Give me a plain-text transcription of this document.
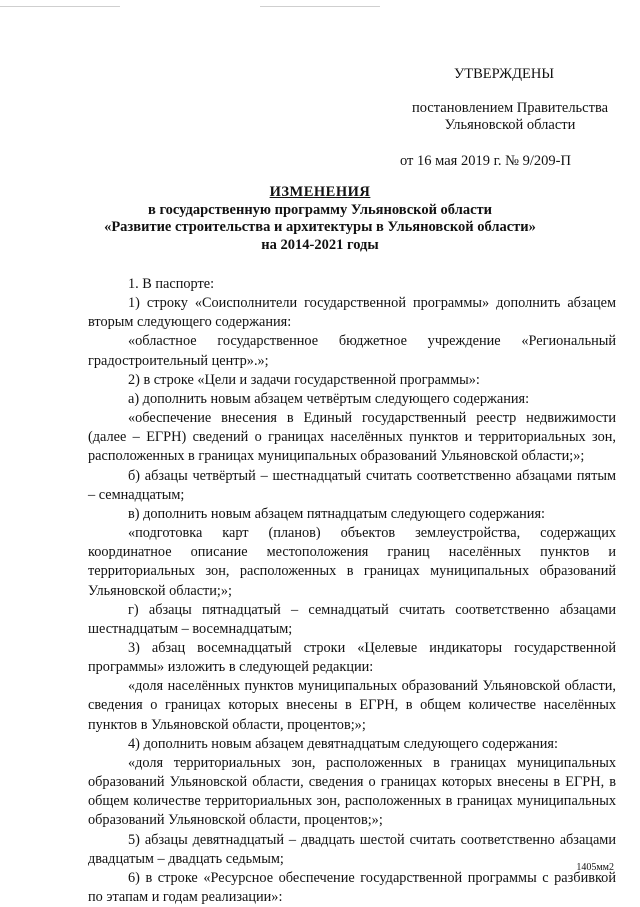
УТВЕРЖДЕНЫ
постановлением Правительства
Ульяновской области
от 16 мая 2019 г. № 9/209-П
ИЗМЕНЕНИЯ
в государственную программу Ульяновской области
«Развитие строительства и архитектуры в Ульяновской области»
на 2014-2021 годы

1. В паспорте:

1) строку «Соисполнители государственной программы» дополнить абзацем вторым следующего содержания:

«областное государственное бюджетное учреждение «Региональный градостроительный центр».»;

2) в строке «Цели и задачи государственной программы»:

а) дополнить новым абзацем четвёртым следующего содержания:

«обеспечение внесения в Единый государственный реестр недвижимости (далее – ЕГРН) сведений о границах населённых пунктов и территориальных зон, расположенных в границах муниципальных образований Ульяновской области;»;

б) абзацы четвёртый – шестнадцатый считать соответственно абзацами пятым – семнадцатым;

в) дополнить новым абзацем пятнадцатым следующего содержания:

«подготовка карт (планов) объектов землеустройства, содержащих координатное описание местоположения границ населённых пунктов и территориальных зон, расположенных в границах муниципальных образований Ульяновской области;»;

г) абзацы пятнадцатый – семнадцатый считать соответственно абзацами шестнадцатым – восемнадцатым;

3) абзац восемнадцатый строки «Целевые индикаторы государственной программы» изложить в следующей редакции:

«доля населённых пунктов муниципальных образований Ульяновской области, сведения о границах которых внесены в ЕГРН, в общем количестве населённых пунктов в Ульяновской области, процентов;»;

4) дополнить новым абзацем девятнадцатым следующего содержания:

«доля территориальных зон, расположенных в границах муниципальных образований Ульяновской области, сведения о границах которых внесены в ЕГРН, в общем количестве территориальных зон, расположенных в границах муниципальных образований Ульяновской области, процентов;»;

5) абзацы девятнадцатый – двадцать шестой считать соответственно абзацами двадцатым – двадцать седьмым;

6) в строке «Ресурсное обеспечение государственной программы с разбивкой по этапам и годам реализации»:

1405мм2
